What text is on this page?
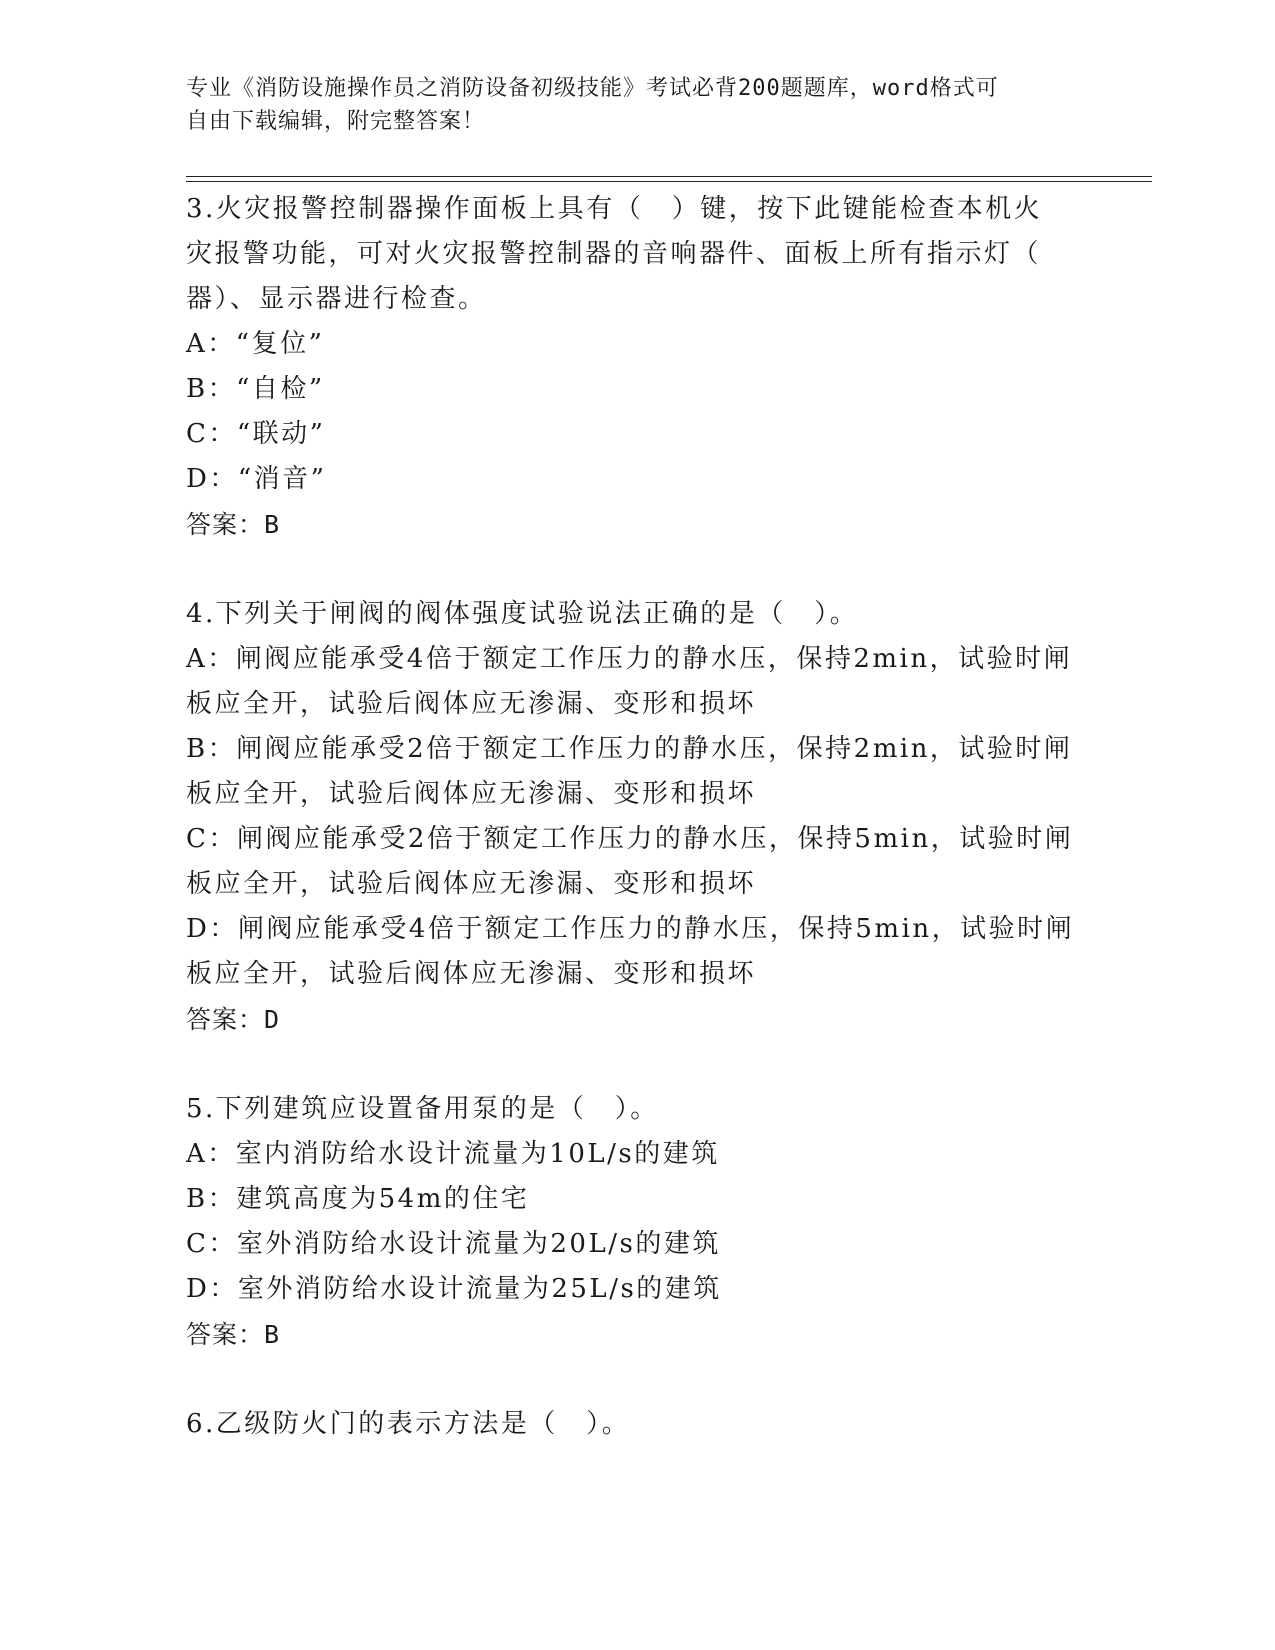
专业《消防设施操作员之消防设备初级技能》考试必背200题题库，word格式可
自由下载编辑，附完整答案！

3.火灾报警控制器操作面板上具有（　）键，按下此键能检查本机火

灾报警功能，可对火灾报警控制器的音响器件、面板上所有指示灯（

器）、显示器进行检查。

A：“复位”

B：“自检”

C：“联动”

D：“消音”

答案：B

4.下列关于闸阀的阀体强度试验说法正确的是（　）。

A：闸阀应能承受4倍于额定工作压力的静水压，保持2min，试验时闸

板应全开，试验后阀体应无渗漏、变形和损坏

B：闸阀应能承受2倍于额定工作压力的静水压，保持2min，试验时闸

板应全开，试验后阀体应无渗漏、变形和损坏

C：闸阀应能承受2倍于额定工作压力的静水压，保持5min，试验时闸

板应全开，试验后阀体应无渗漏、变形和损坏

D：闸阀应能承受4倍于额定工作压力的静水压，保持5min，试验时闸

板应全开，试验后阀体应无渗漏、变形和损坏

答案：D

5.下列建筑应设置备用泵的是（　）。

A：室内消防给水设计流量为10L/s的建筑

B：建筑高度为54m的住宅

C：室外消防给水设计流量为20L/s的建筑

D：室外消防给水设计流量为25L/s的建筑

答案：B

6.乙级防火门的表示方法是（　）。
